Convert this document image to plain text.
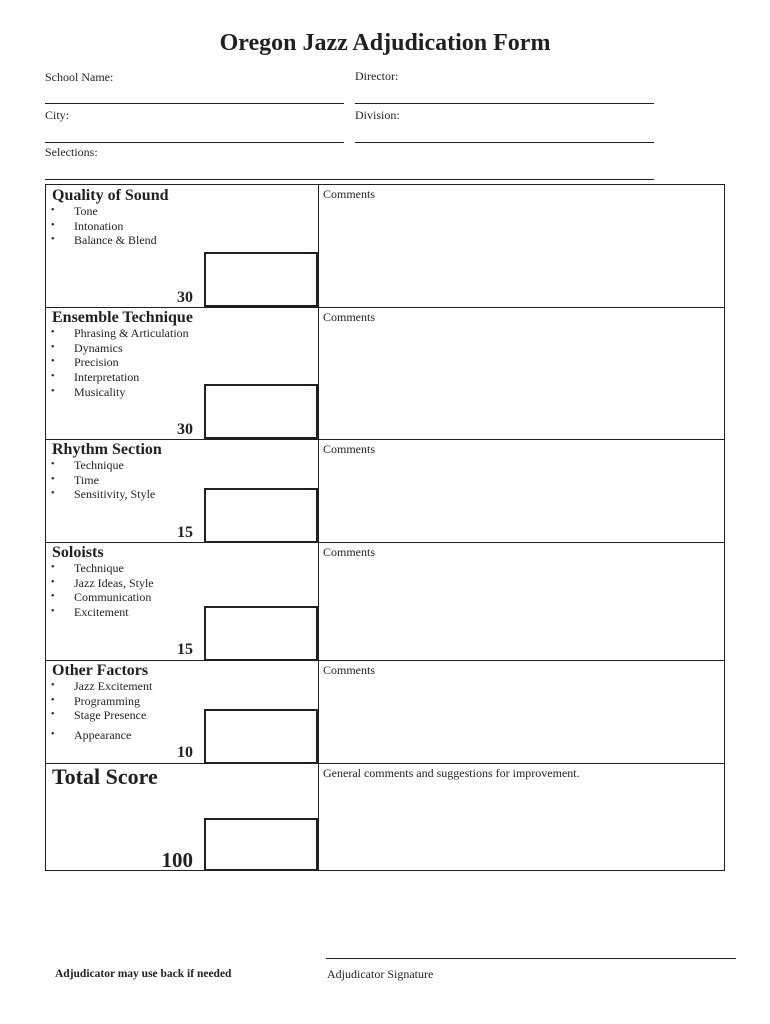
Oregon Jazz Adjudication Form
School Name:	Director:
City:	Division:
Selections:
Quality of Sound
• Tone
• Intonation
• Balance & Blend
30
Comments
Ensemble Technique
• Phrasing & Articulation
• Dynamics
• Precision
• Interpretation
• Musicality
30
Comments
Rhythm Section
• Technique
• Time
• Sensitivity, Style
15
Comments
Soloists
• Technique
• Jazz Ideas, Style
• Communication
• Excitement
15
Comments
Other Factors
• Jazz Excitement
• Programming
• Stage Presence
• Appearance
10
Comments
Total Score
100
General comments and suggestions for improvement.
Adjudicator may use back if needed	Adjudicator Signature
